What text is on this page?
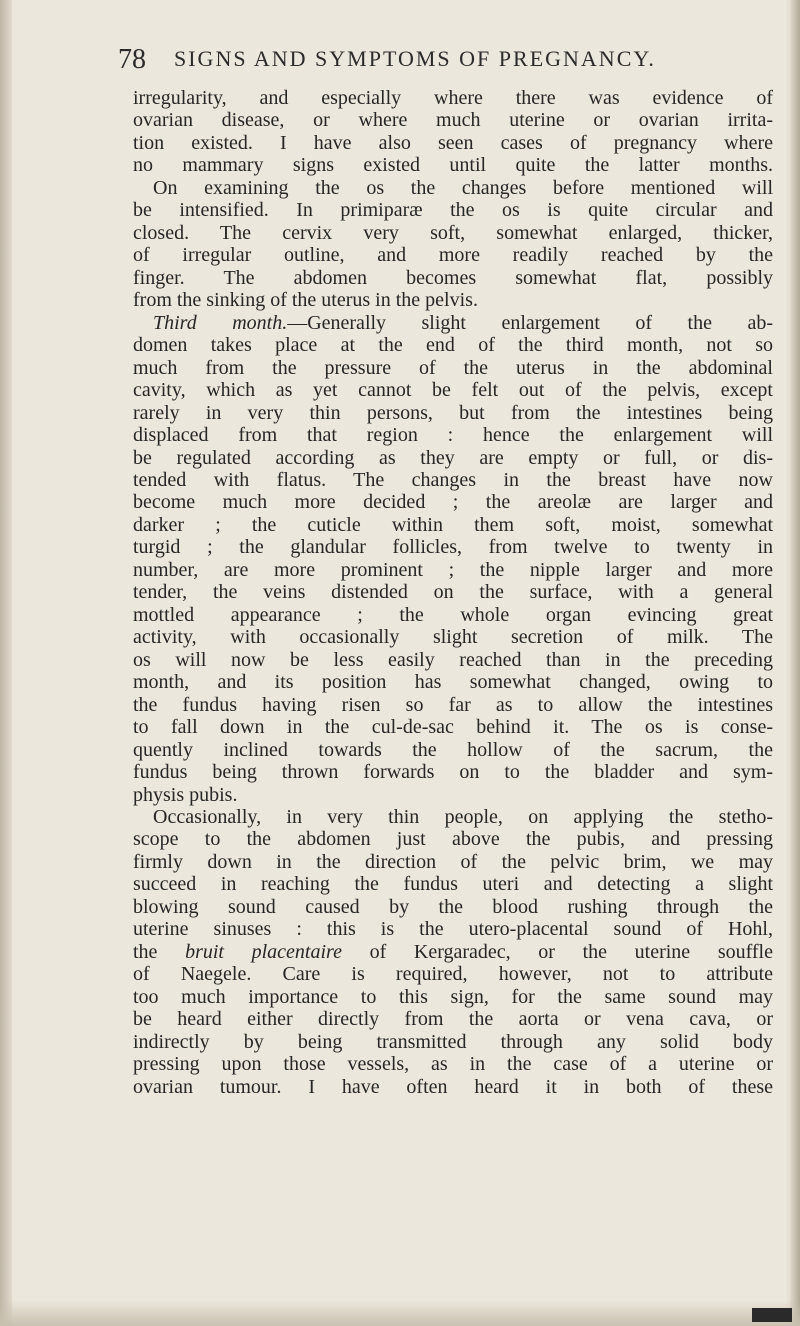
78 SIGNS AND SYMPTOMS OF PREGNANCY.
irregularity, and especially where there was evidence of
ovarian disease, or where much uterine or ovarian irrita-
tion existed. I have also seen cases of pregnancy where
no mammary signs existed until quite the latter months.
On examining the os the changes before mentioned will
be intensified. In primiparæ the os is quite circular and
closed. The cervix very soft, somewhat enlarged, thicker,
of irregular outline, and more readily reached by the
finger. The abdomen becomes somewhat flat, possibly
from the sinking of the uterus in the pelvis.
Third month.—Generally slight enlargement of the ab-
domen takes place at the end of the third month, not so
much from the pressure of the uterus in the abdominal
cavity, which as yet cannot be felt out of the pelvis, except
rarely in very thin persons, but from the intestines being
displaced from that region : hence the enlargement will
be regulated according as they are empty or full, or dis-
tended with flatus. The changes in the breast have now
become much more decided ; the areolæ are larger and
darker ; the cuticle within them soft, moist, somewhat
turgid ; the glandular follicles, from twelve to twenty in
number, are more prominent ; the nipple larger and more
tender, the veins distended on the surface, with a general
mottled appearance ; the whole organ evincing great
activity, with occasionally slight secretion of milk. The
os will now be less easily reached than in the preceding
month, and its position has somewhat changed, owing to
the fundus having risen so far as to allow the intestines
to fall down in the cul-de-sac behind it. The os is conse-
quently inclined towards the hollow of the sacrum, the
fundus being thrown forwards on to the bladder and sym-
physis pubis.
Occasionally, in very thin people, on applying the stetho-
scope to the abdomen just above the pubis, and pressing
firmly down in the direction of the pelvic brim, we may
succeed in reaching the fundus uteri and detecting a slight
blowing sound caused by the blood rushing through the
uterine sinuses : this is the utero-placental sound of Hohl,
the bruit placentaire of Kergaradec, or the uterine souffle
of Naegele. Care is required, however, not to attribute
too much importance to this sign, for the same sound may
be heard either directly from the aorta or vena cava, or
indirectly by being transmitted through any solid body
pressing upon those vessels, as in the case of a uterine or
ovarian tumour. I have often heard it in both of these
